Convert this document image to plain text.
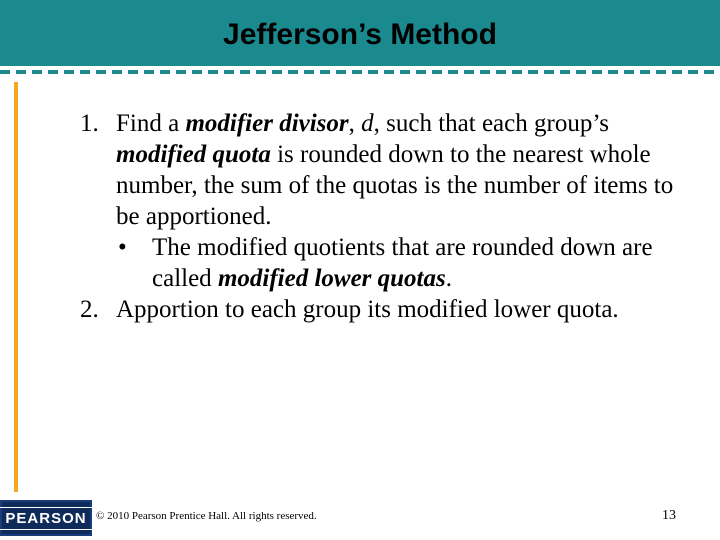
Jefferson’s Method
1. Find a modifier divisor, d, such that each group’s modified quota is rounded down to the nearest whole number, the sum of the quotas is the number of items to be apportioned.
• The modified quotients that are rounded down are called modified lower quotas.
2. Apportion to each group its modified lower quota.
PEARSON © 2010 Pearson Prentice Hall. All rights reserved.	13
